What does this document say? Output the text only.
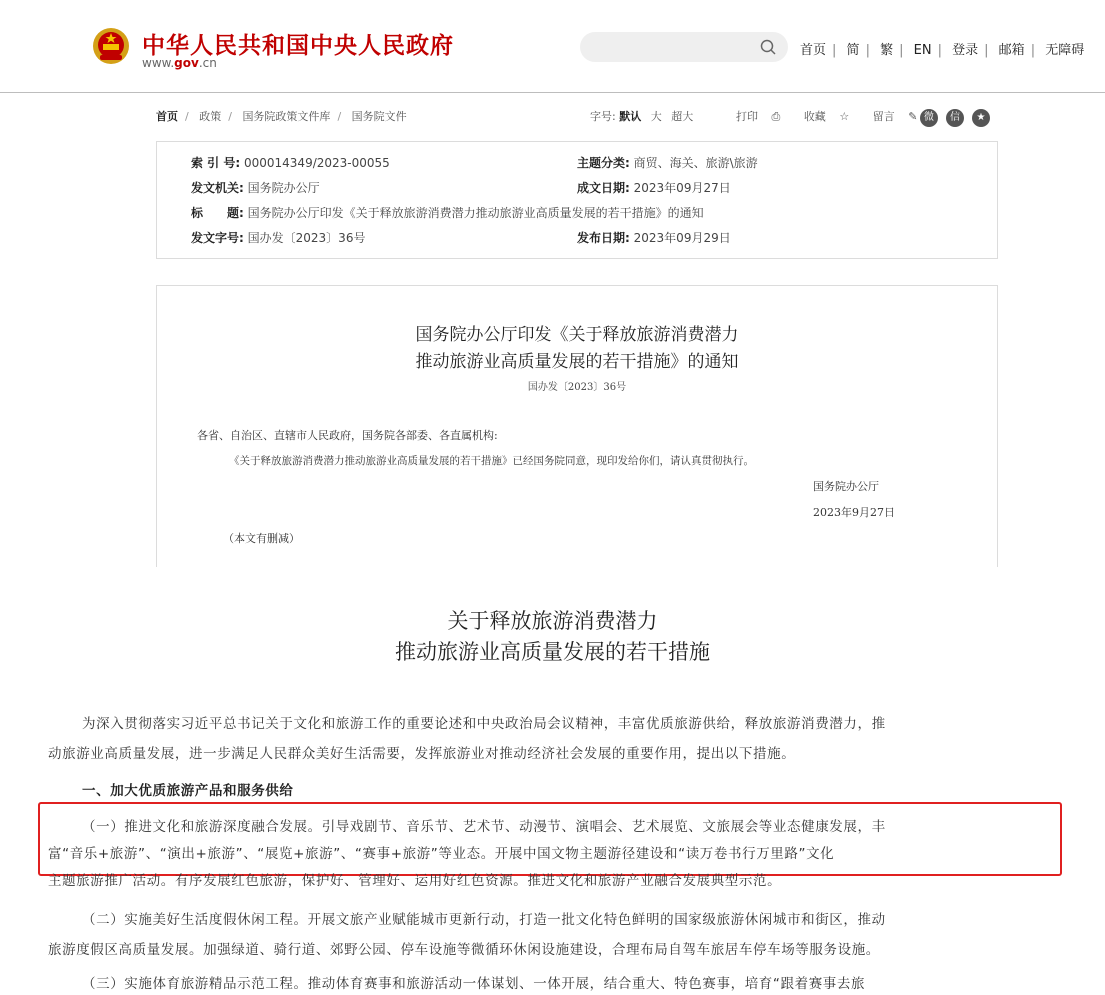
中华人民共和国中央人民政府
www.gov.cn
首页 | 简 | 繁 | EN | 登录 | 邮箱 | 无障碍
首页 / 政策 / 国务院政策文件库 / 国务院文件	字号: 默认 大 超大	打印 ⎙ 收藏 ☆ 留言 ✎ 微 信 ★
索 引 号: 000014349/2023-00055	主题分类: 商贸、海关、旅游\旅游
发文机关: 国务院办公厅	成文日期: 2023年09月27日
标　　题: 国务院办公厅印发《关于释放旅游消费潜力推动旅游业高质量发展的若干措施》的通知
发文字号: 国办发〔2023〕36号	发布日期: 2023年09月29日
国务院办公厅印发《关于释放旅游消费潜力
推动旅游业高质量发展的若干措施》的通知
国办发〔2023〕36号
各省、自治区、直辖市人民政府，国务院各部委、各直属机构:
《关于释放旅游消费潜力推动旅游业高质量发展的若干措施》已经国务院同意，现印发给你们，请认真贯彻执行。
国务院办公厅
2023年9月27日
（本文有删减）
关于释放旅游消费潜力
推动旅游业高质量发展的若干措施
为深入贯彻落实习近平总书记关于文化和旅游工作的重要论述和中央政治局会议精神，丰富优质旅游供给，释放旅游消费潜力，推
动旅游业高质量发展，进一步满足人民群众美好生活需要，发挥旅游业对推动经济社会发展的重要作用，提出以下措施。
一、加大优质旅游产品和服务供给
（一）推进文化和旅游深度融合发展。引导戏剧节、音乐节、艺术节、动漫节、演唱会、艺术展览、文旅展会等业态健康发展，丰
富“音乐+旅游”、“演出+旅游”、“展览+旅游”、“赛事+旅游”等业态。开展中国文物主题游径建设和“读万卷书行万里路”文化
主题旅游推广活动。有序发展红色旅游，保护好、管理好、运用好红色资源。推进文化和旅游产业融合发展典型示范。
（二）实施美好生活度假休闲工程。开展文旅产业赋能城市更新行动，打造一批文化特色鲜明的国家级旅游休闲城市和街区，推动
旅游度假区高质量发展。加强绿道、骑行道、郊野公园、停车设施等微循环休闲设施建设，合理布局自驾车旅居车停车场等服务设施。
（三）实施体育旅游精品示范工程。推动体育赛事和旅游活动一体谋划、一体开展，结合重大、特色赛事，培育“跟着赛事去旅
